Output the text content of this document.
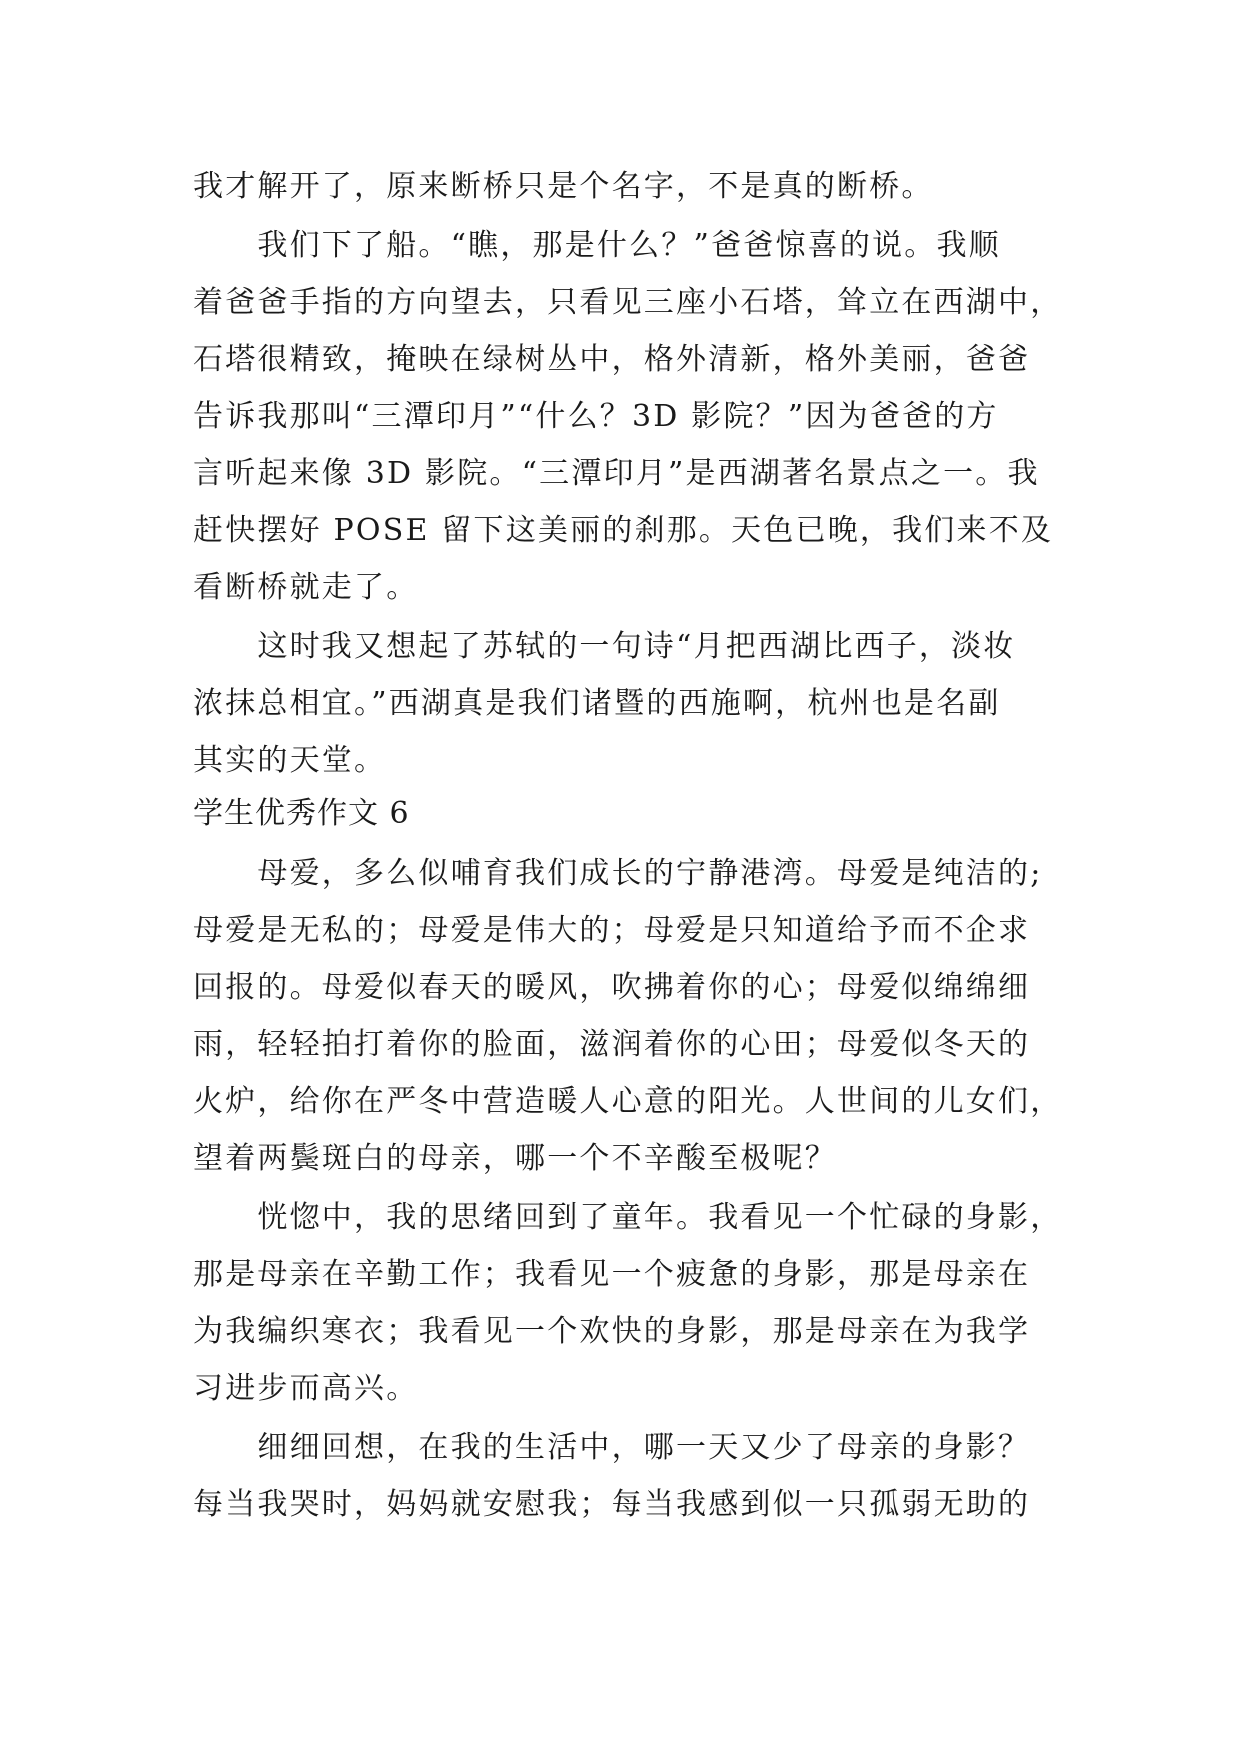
我才解开了，原来断桥只是个名字，不是真的断桥。
　　我们下了船。“瞧，那是什么？”爸爸惊喜的说。我顺
着爸爸手指的方向望去，只看见三座小石塔，耸立在西湖中，
石塔很精致，掩映在绿树丛中，格外清新，格外美丽，爸爸
告诉我那叫“三潭印月”“什么？3D 影院？”因为爸爸的方
言听起来像 3D 影院。“三潭印月”是西湖著名景点之一。我
赶快摆好 POSE 留下这美丽的刹那。天色已晚，我们来不及
看断桥就走了。
　　这时我又想起了苏轼的一句诗“月把西湖比西子，淡妆
浓抹总相宜。”西湖真是我们诸暨的西施啊，杭州也是名副
其实的天堂。
学生优秀作文 6
　　母爱，多么似哺育我们成长的宁静港湾。母爱是纯洁的;
母爱是无私的；母爱是伟大的；母爱是只知道给予而不企求
回报的。母爱似春天的暖风，吹拂着你的心；母爱似绵绵细
雨，轻轻拍打着你的脸面，滋润着你的心田；母爱似冬天的
火炉，给你在严冬中营造暖人心意的阳光。人世间的儿女们，
望着两鬓斑白的母亲，哪一个不辛酸至极呢？
　　恍惚中，我的思绪回到了童年。我看见一个忙碌的身影，
那是母亲在辛勤工作；我看见一个疲惫的身影，那是母亲在
为我编织寒衣；我看见一个欢快的身影，那是母亲在为我学
习进步而高兴。
　　细细回想，在我的生活中，哪一天又少了母亲的身影？
每当我哭时，妈妈就安慰我；每当我感到似一只孤弱无助的
